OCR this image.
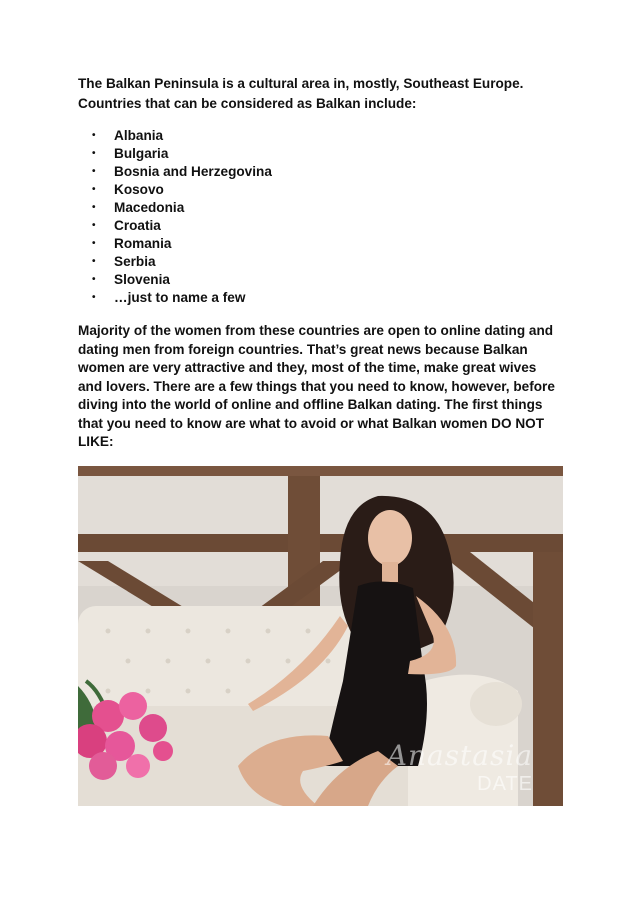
The Balkan Peninsula is a cultural area in, mostly, Southeast Europe. Countries that can be considered as Balkan include:

•	Albania
•	Bulgaria
•	Bosnia and Herzegovina
•	Kosovo
•	Macedonia
•	Croatia
•	Romania
•	Serbia
•	Slovenia
•	…just to name a few

Majority of the women from these countries are open to online dating and dating men from foreign countries. That’s great news because Balkan women are very attractive and they, most of the time, make great wives and lovers. There are a few things that you need to know, however, before diving into the world of online and offline Balkan dating. The first things that you need to know are what to avoid or what Balkan women DO NOT LIKE:

Anastasia
DATE
